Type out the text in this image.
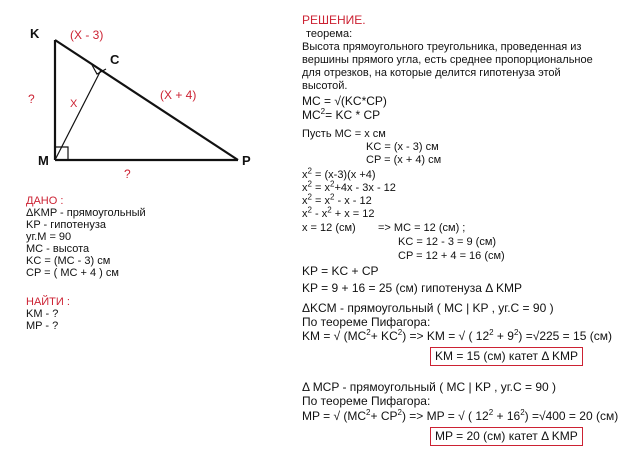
K
C
M	P
(X - 3)
(X + 4)
X
?
?
ДАНО :
ΔKMP - прямоугольный
KP - гипотенуза
уг.M = 90
MC - высота
KC = (MC - 3) см
CP = ( MC + 4 ) см
НАЙТИ :
KM - ?
MP - ?
РЕШЕНИЕ.
теорема:
Высота прямоугольного треугольника, проведенная из
вершины прямого угла, есть среднее пропорциональное
для отрезков, на которые делится гипотенуза этой
высотой.
MC = √(KC*CP)
$MC^2=$ KC * CP
Пусть MC = x см
KC = (x - 3) см
CP = (x + 4) см
$x^2 = (x-3)(x +4)$
$x^2 = x^2+4x - 3x - 12$
$x^2 = x^2 - x - 12$
$x^2 - x^2 + x = 12$
x = 12 (см) => MC = 12 (см) ;
KC = 12 - 3 = 9 (см)
CP = 12 + 4 = 16 (см)
KP = KC + CP
KP = 9 + 16 = 25 (см) гипотенуза Δ KMP
ΔKCM - прямоугольный ( MC | KP , уг.C = 90 )
По теореме Пифагора:
KM = √ $(MC^2+ KC^2)$ => KM = √ ( $12^2 + 9^2) =√225 = 15$ (см)
KM = 15 (см) катет Δ KMP
Δ MCP - прямоугольный ( MC | KP , уг.C = 90 )
По теореме Пифагора:
MP = √ $(MC^2+ CP^2)$ => MP = √ ( $12^2 + 16^2) =√400 = 20$ (см)
MP = 20 (см) катет Δ KMP
